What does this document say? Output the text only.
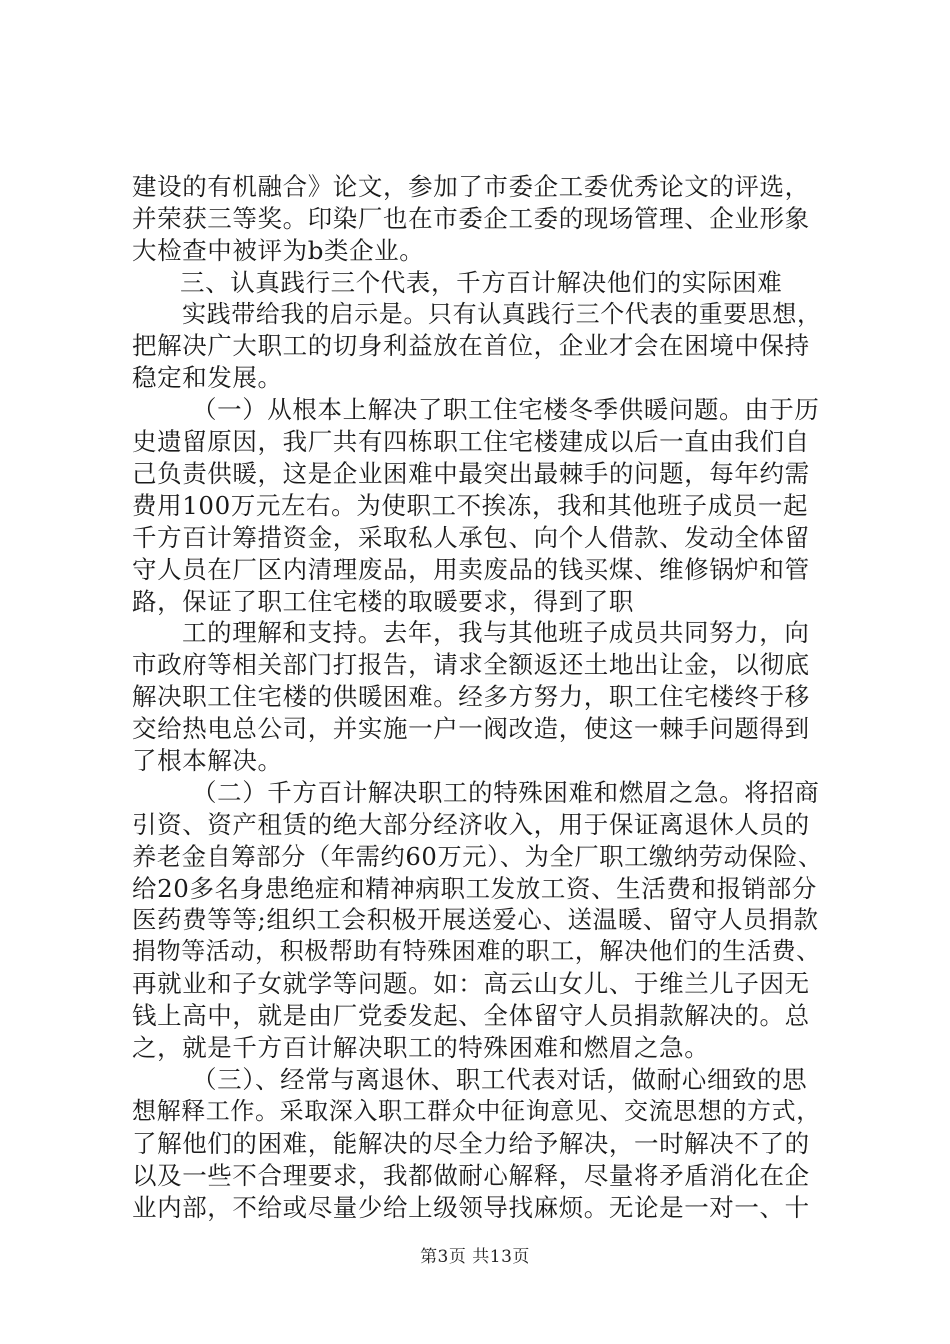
建设的有机融合》论文，参加了市委企工委优秀论文的评选，
并荣获三等奖。印染厂也在市委企工委的现场管理、企业形象
大检查中被评为b类企业。
三、认真践行三个代表，千方百计解决他们的实际困难
实践带给我的启示是。只有认真践行三个代表的重要思想，
把解决广大职工的切身利益放在首位，企业才会在困境中保持
稳定和发展。
（一）从根本上解决了职工住宅楼冬季供暖问题。由于历
史遗留原因，我厂共有四栋职工住宅楼建成以后一直由我们自
己负责供暖，这是企业困难中最突出最棘手的问题，每年约需
费用100万元左右。为使职工不挨冻，我和其他班子成员一起
千方百计筹措资金，采取私人承包、向个人借款、发动全体留
守人员在厂区内清理废品，用卖废品的钱买煤、维修锅炉和管
路，保证了职工住宅楼的取暖要求，得到了职
工的理解和支持。去年，我与其他班子成员共同努力，向
市政府等相关部门打报告，请求全额返还土地出让金，以彻底
解决职工住宅楼的供暖困难。经多方努力，职工住宅楼终于移
交给热电总公司，并实施一户一阀改造，使这一棘手问题得到
了根本解决。
（二）千方百计解决职工的特殊困难和燃眉之急。将招商
引资、资产租赁的绝大部分经济收入，用于保证离退休人员的
养老金自筹部分（年需约60万元）、为全厂职工缴纳劳动保险、
给20多名身患绝症和精神病职工发放工资、生活费和报销部分
医药费等等;组织工会积极开展送爱心、送温暖、留守人员捐款
捐物等活动，积极帮助有特殊困难的职工，解决他们的生活费、
再就业和子女就学等问题。如：高云山女儿、于维兰儿子因无
钱上高中，就是由厂党委发起、全体留守人员捐款解决的。总
之，就是千方百计解决职工的特殊困难和燃眉之急。
（三）、经常与离退休、职工代表对话，做耐心细致的思
想解释工作。采取深入职工群众中征询意见、交流思想的方式，
了解他们的困难，能解决的尽全力给予解决，一时解决不了的
以及一些不合理要求，我都做耐心解释，尽量将矛盾消化在企
业内部，不给或尽量少给上级领导找麻烦。无论是一对一、十
第3页 共13页
